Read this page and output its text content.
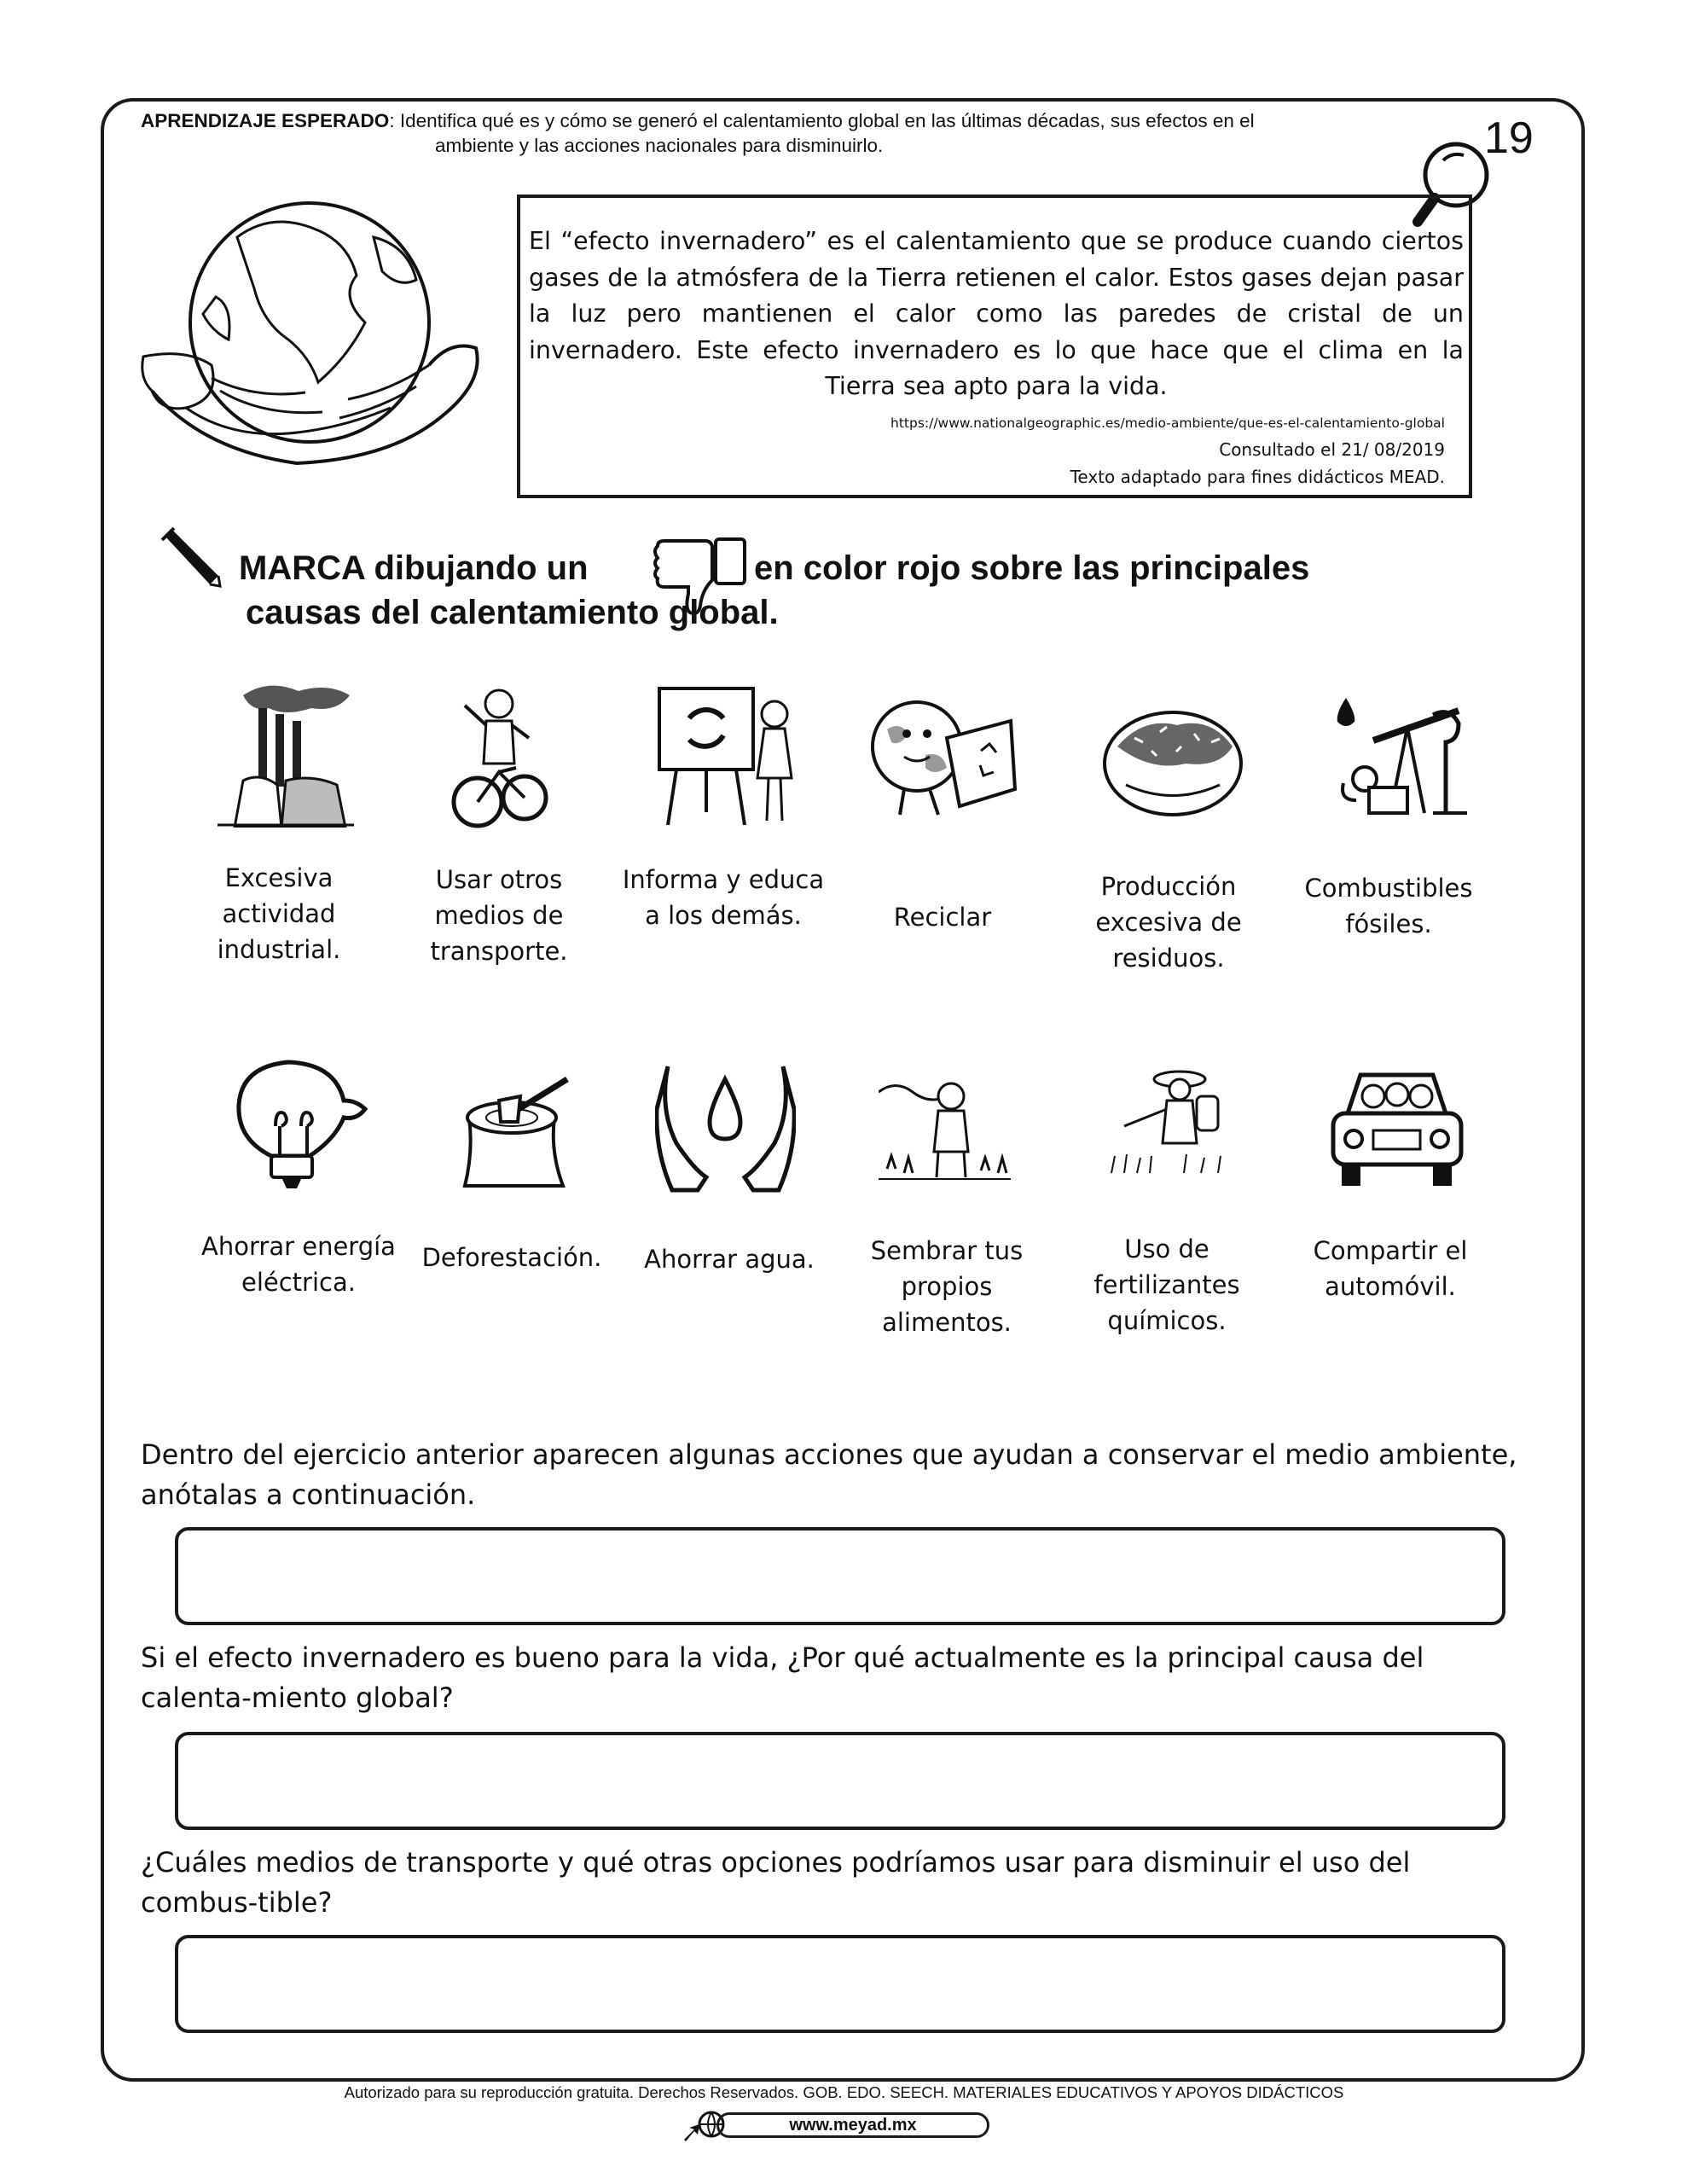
APRENDIZAJE ESPERADO: Identifica qué es y cómo se generó el calentamiento global en las últimas décadas, sus efectos en el
ambiente y las acciones nacionales para disminuirlo.	19
El “efecto invernadero” es el calentamiento que se produce cuando ciertos gases de la atmósfera de la Tierra retienen el calor. Estos gases dejan pasar la luz pero mantienen el calor como las paredes de cristal de un invernadero. Este efecto invernadero es lo que hace que el clima en la Tierra sea apto para la vida.
https://www.nationalgeographic.es/medio-ambiente/que-es-el-calentamiento-global
Consultado el 21/ 08/2019
Texto adaptado para fines didácticos MEAD.
MARCA dibujando un	en color rojo sobre las principales
causas del calentamiento global.
Excesiva actividad industrial.
Usar otros medios de transporte.
Informa y educa a los demás.	Reciclar
Producción excesiva de residuos.
Combustibles fósiles.
Ahorrar energía eléctrica.
Deforestación.	Ahorrar agua.	Sembrar tus propios alimentos.
Uso de fertilizantes químicos.
Compartir el automóvil.
Dentro del ejercicio anterior aparecen algunas acciones que ayudan a conservar el medio ambiente, anótalas a continuación.
Si el efecto invernadero es bueno para la vida, ¿Por qué actualmente es la principal causa del calenta-miento global?
¿Cuáles medios de transporte y qué otras opciones podríamos usar para disminuir el uso del combus-tible?
Autorizado para su reproducción gratuita. Derechos Reservados. GOB. EDO. SEECH. MATERIALES EDUCATIVOS Y APOYOS DIDÁCTICOS
www.meyad.mx
